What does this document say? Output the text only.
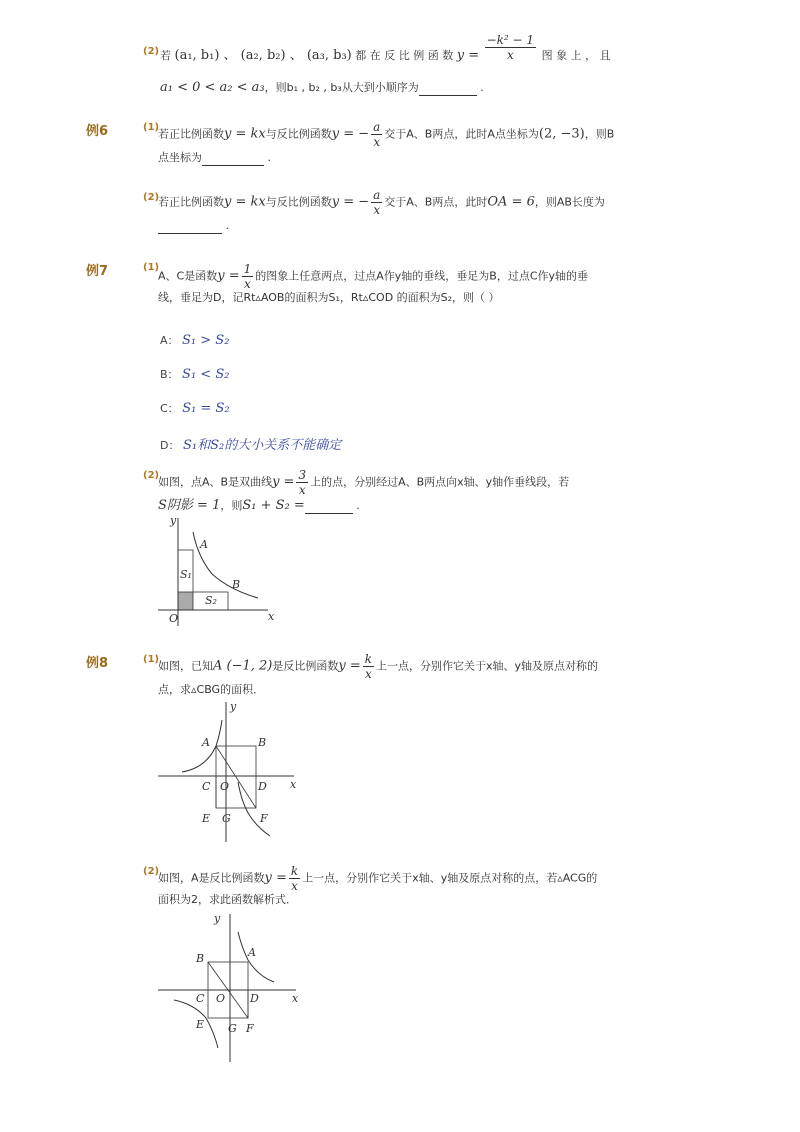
(2) 若 (a₁, b₁) 、 (a₂, b₂) 、 (a₃, b₃) 都 在 反 比 例 函 数 $y = \frac{\text{−k² − 1}}{x}$ 图 象 上 ， 且
a₁ < 0 < a₂ < a₃，则b₁ , b₂ , b₃从大到小顺序为	.
例6	(1)
若正比例函数y = kx与反比例函数y = − $\frac{a}{x}$ 交于A、B两点，此时A点坐标为(2, −3)，则B
点坐标为	.
(2)
若正比例函数y = kx与反比例函数y = − $\frac{a}{x}$ 交于A、B两点，此时OA = 6，则AB长度为
.
例7	(1)
A、C是函数$y = \frac{1}{x}$ 的图象上任意两点，过点A作y轴的垂线，垂足为B，过点C作y轴的垂
线，垂足为D，记Rt▵AOB的面积为S₁，Rt▵COD 的面积为S₂，则（ ）
A： S₁ > S₂
B： S₁ < S₂
C： S₁ = S₂
D： S₁和S₂的大小关系不能确定
(2)
如图，点A、B是双曲线$y = \frac{3}{x}$ 上的点，分别经过A、B两点向x轴、y轴作垂线段，若
S阴影 = 1，则S₁ + S₂ =	.
y
x
O
A
B
S₁
S₂
例8	(1)
如图，已知A (−1, 2)是反比例函数$y = \frac{k}{x}$ 上一点，分别作它关于x轴、y轴及原点对称的
点，求▵CBG的面积．
y
x
A	B
C O	D
E G	F
(2)
如图，A是反比例函数$y = \frac{k}{x}$ 上一点，分别作它关于x轴、y轴及原点对称的点，若▵ACG的
面积为2，求此函数解析式．
y
x
A
B
C O D
E G F
